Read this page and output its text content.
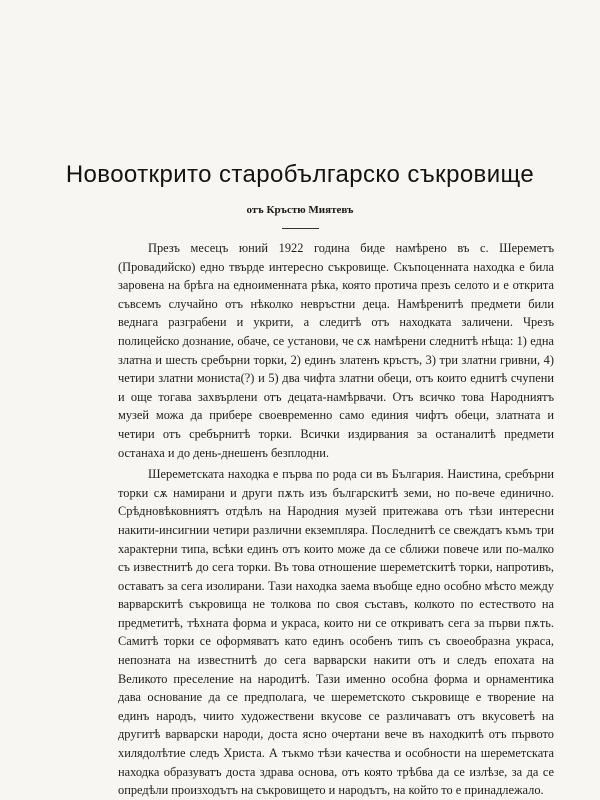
Новооткрито старобългарско съкровище
отъ Кръстю Миятевъ

Презъ месецъ юний 1922 година биде намѣрено въ с. Шереметъ (Провадийско) едно твърде интересно съкровище. Скъпоценната находка е била заровена на брѣга на едноименната рѣка, която протича презъ селото и е открита съвсемъ случайно отъ нѣколко невръстни деца. Намѣренитѣ предмети били веднага разграбени и укрити, а следитѣ отъ находката заличени. Чрезъ полицейско дознание, обаче, се установи, че сѫ намѣрени следнитѣ нѣща: 1) една златна и шесть сребърни торки, 2) единъ златенъ кръстъ, 3) три златни гривни, 4) четири златни мониста(?) и 5) два чифта златни обеци, отъ които еднитѣ счупени и още тогава захвърлени отъ децата-намѣрвачи. Отъ всичко това Народниятъ музей можа да прибере своевременно само единия чифтъ обеци, златната и четири отъ сребърнитѣ торки. Всички издирвания за останалитѣ предмети останаха и до день-днешенъ безплодни.

Шереметската находка е първа по рода си въ България. Наистина, сребърни торки сѫ намирани и други пѫть изъ българскитѣ земи, но по-вече единично. Срѣдновѣковниятъ отдѣлъ на Народния музей притежава отъ тѣзи интересни накити-инсигнии четири различни екземпляра. Последнитѣ се свеждатъ къмъ три характерни типа, всѣки единъ отъ които може да се сближи повече или по-малко съ известнитѣ до сега торки. Въ това отношение шереметскитѣ торки, напротивъ, оставатъ за сега изолирани. Тази находка заема въобще едно особно мѣсто между варварскитѣ съкровища не толкова по своя съставъ, колкото по естеството на предметитѣ, тѣхната форма и украса, които ни се откриватъ сега за първи пѫть. Самитѣ торки се оформяватъ като единъ особенъ типъ съ своеобразна украса, непозната на известнитѣ до сега варварски накити отъ и следъ епохата на Великото преселение на народитѣ. Тази именно особна форма и орнаментика дава основание да се предполага, че шереметското съкровище е творение на единъ народъ, чиито художествени вкусове се различаватъ отъ вкусоветѣ на другитѣ варварски народи, доста ясно очертани вече въ находкитѣ отъ първото хилядолѣтие следъ Христа. А тъкмо тѣзи качества и особности на шереметската находка образуватъ доста здрава основа, отъ която трѣбва да се излѣзе, за да се опредѣли произходътъ на съкровището и народътъ, на който то е принадлежало.
